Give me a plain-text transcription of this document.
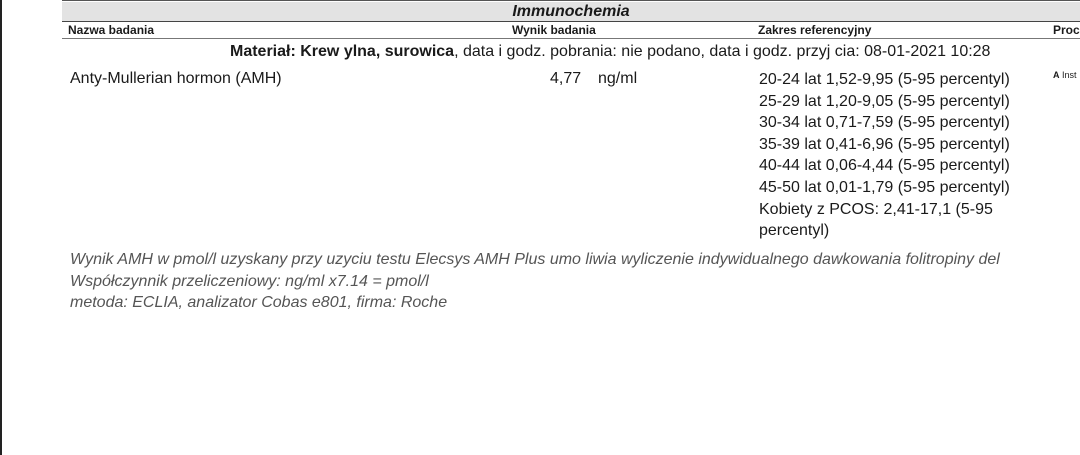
Immunochemia
Nazwa badania	Wynik badania	Zakres referencyjny	Proc
Materiał: Krew ylna, surowica, data i godz. pobrania: nie podano, data i godz. przyj cia: 08-01-2021 10:28
Anty-Mullerian hormon (AMH)	4,77 ng/ml	20-24 lat 1,52-9,95 (5-95 percentyl)
25-29 lat 1,20-9,05 (5-95 percentyl)
30-34 lat 0,71-7,59 (5-95 percentyl)
35-39 lat 0,41-6,96 (5-95 percentyl)
40-44 lat 0,06-4,44 (5-95 percentyl)
45-50 lat 0,01-1,79 (5-95 percentyl)
Kobiety z PCOS: 2,41-17,1 (5-95 percentyl)
A Inst
Wynik AMH w pmol/l uzyskany przy uzyciu testu Elecsys AMH Plus umo liwia wyliczenie indywidualnego dawkowania folitropiny del
Współczynnik przeliczeniowy: ng/ml x7.14 = pmol/l
metoda: ECLIA, analizator Cobas e801, firma: Roche
